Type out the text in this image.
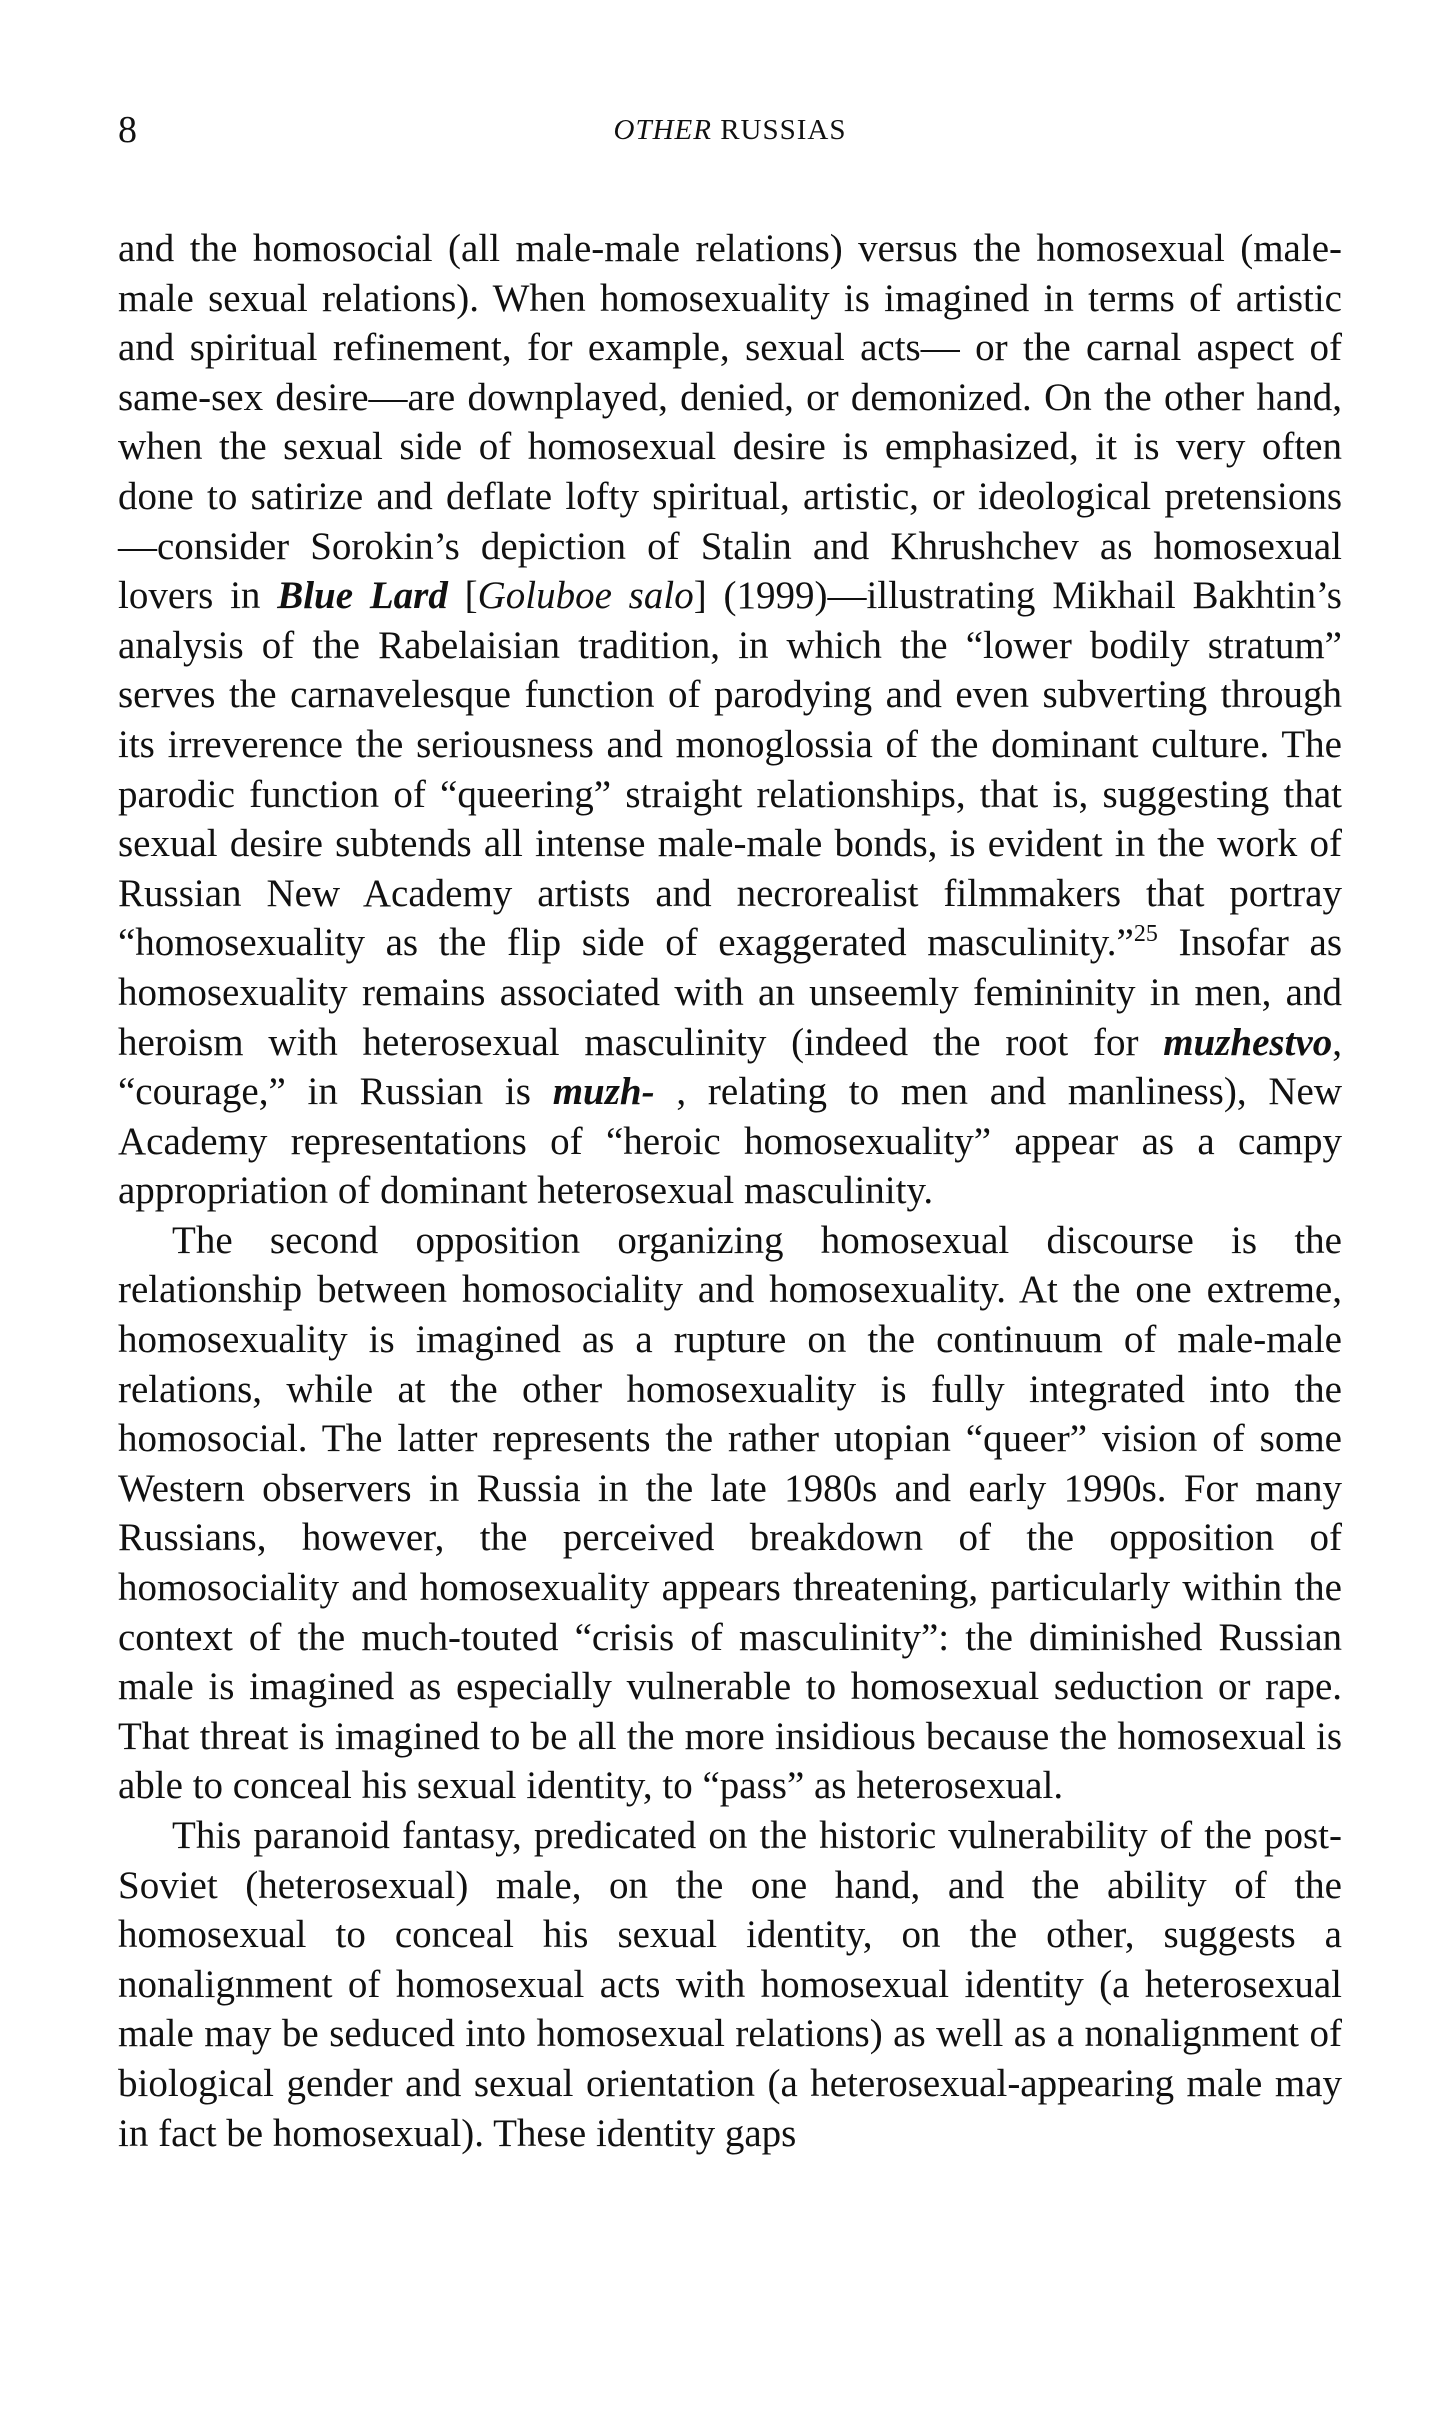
8	OTHER RUSSIAS

and the homosocial (all male-male relations) versus the homosexual (male-male sexual relations). When homosexuality is imagined in terms of artistic and spiritual refinement, for example, sexual acts— or the carnal aspect of same-sex desire—are downplayed, denied, or demonized. On the other hand, when the sexual side of homosexual desire is emphasized, it is very often done to satirize and deflate lofty spiritual, artistic, or ideological pretensions—consider Sorokin’s depiction of Stalin and Khrushchev as homosexual lovers in Blue Lard [Goluboe salo] (1999)—illustrating Mikhail Bakhtin’s analysis of the Rabelaisian tradition, in which the “lower bodily stratum” serves the carnavelesque function of parodying and even subverting through its irreverence the seriousness and monoglossia of the dominant culture. The parodic function of “queering” straight relationships, that is, suggesting that sexual desire subtends all intense male-male bonds, is evident in the work of Russian New Academy artists and necrorealist filmmakers that portray “homosexuality as the flip side of exaggerated masculinity.”$^{25}$ Insofar as homosexuality remains associated with an unseemly femininity in men, and heroism with heterosexual masculinity (indeed the root for muzhestvo, “courage,” in Russian is muzh- , relating to men and manliness), New Academy representations of “heroic homosexuality” appear as a campy appropriation of dominant heterosexual masculinity.

The second opposition organizing homosexual discourse is the relationship between homosociality and homosexuality. At the one extreme, homosexuality is imagined as a rupture on the continuum of male-male relations, while at the other homosexuality is fully integrated into the homosocial. The latter represents the rather utopian “queer” vision of some Western observers in Russia in the late 1980s and early 1990s. For many Russians, however, the perceived breakdown of the opposition of homosociality and homosexuality appears threatening, particularly within the context of the much-touted “crisis of masculinity”: the diminished Russian male is imagined as especially vulnerable to homosexual seduction or rape. That threat is imagined to be all the more insidious because the homosexual is able to conceal his sexual identity, to “pass” as heterosexual.

This paranoid fantasy, predicated on the historic vulnerability of the post-Soviet (heterosexual) male, on the one hand, and the ability of the homosexual to conceal his sexual identity, on the other, suggests a nonalignment of homosexual acts with homosexual identity (a heterosexual male may be seduced into homosexual relations) as well as a nonalignment of biological gender and sexual orientation (a heterosexual-appearing male may in fact be homosexual). These identity gaps
